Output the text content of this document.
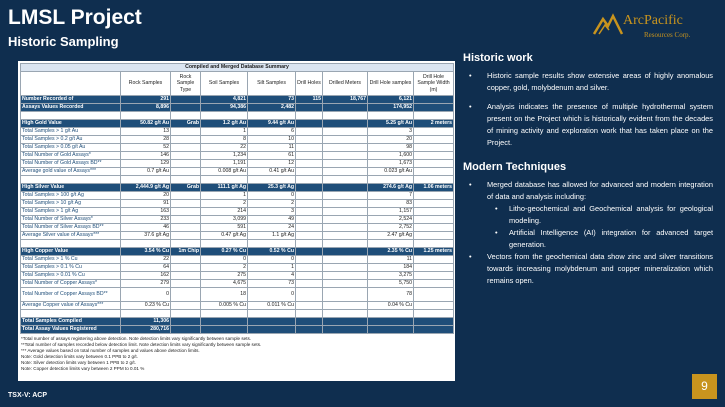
LMSL Project
Historic Sampling
ArcPacific
Resources Corp.
Compiled and Merged Database Summary								
	Rock Samples	Rock Sample Type	Soil Samples	Silt Samples	Drill Holes	Drilled Meters	Drill Hole samples	Drill Hole Sample Width (m)
Number Recorded of	291		4,821	73	115	18,767	6,121	
Assays Values Recorded	8,896		94,386	2,482			174,952	

High Gold Value	50.82 g/t Au	Grab	1.2 g/t Au	9.44 g/t Au			5.25 g/t Au	2 meters
Total Samples > 1 g/t Au	13		1	6			3	
Total Samples > 0.2 g/t Au	28		8	10			20	
Total Samples > 0.05 g/t Au	52		22	11			98	
Total Number of Gold Assays*	146		1,234	61			1,600	
Total Number of Gold Assays BD**	129		1,191	12			1,673	
Average gold value of Assays***	0.7 g/t Au		0.008 g/t Au	0.41 g/t Au			0.023 g/t Au	

High Silver Value	2,444.9 g/t Ag	Grab	111.1 g/t Ag	25.3 g/t Ag			274.6 g/t Ag	1.06 meters
Total Samples > 100 g/t Ag	20		1	0			7	
Total Samples > 10 g/t Ag	91		2	2			83	
Total Samples > 1 g/t Ag	163		214	3			1,157	
Total Number of Silver Assays*	233		3,099	49			2,524	
Total Number of Silver Assays BD**	46		591	24			2,752	
Average Silver value of Assays***	37.6 g/t Ag		0.47 g/t Ag	1.1 g/t Ag			2.47 g/t Ag	

High Copper Value	3.54 % Cu	1m Chip	0.27 % Cu	0.52 % Cu			2.35 % Cu	1.25 meters
Total Samples > 1 % Cu	22		0	0			11	
Total Samples > 0.1 % Cu	64		2	1			184	
Total Samples > 0.01 % Cu	162		275	4			3,275	
Total Number of Copper Assays*	279		4,675	73			5,750	
Total Number of Copper Assays BD**	0		18	0			78	
Average Copper value of Assays***	0.23 % Cu		0.005 % Cu	0.011 % Cu			0.04 % Cu	

Total Samples Compiled	11,306							
Total Assay Values Registered	280,716							
*Total number of assays registering above detection. Note detection limits vary significantly between sample sets.
**Total number of samples recorded below detection limit. Note detection limits vary significantly between sample sets.
*** Average values based on total number of samples and values above detection limits.
Note: Gold detection limits vary between 0.1 PPB to 2 g/t.
Note: Silver detection limits vary between 1 PPB to 2 g/t.
Note: Copper detection limits vary between 2 PPM to 0.01 %
Historic work
• Historic sample results show extensive areas of highly anomalous copper, gold, molybdenum and silver.
• Analysis indicates the presence of multiple hydrothermal system present on the Project which is historically evident from the decades of mining activity and exploration work that has taken place on the Project.
Modern Techniques
• Merged database has allowed for advanced and modern integration of data and analysis including:
• Litho-geochemical and Geochemical analysis for geological modeling.
• Artificial Intelligence (AI) integration for advanced target generation.
• Vectors from the geochemical data show zinc and silver transitions towards increasing molybdenum and copper mineralization which remains open.
TSX-V: ACP
9
